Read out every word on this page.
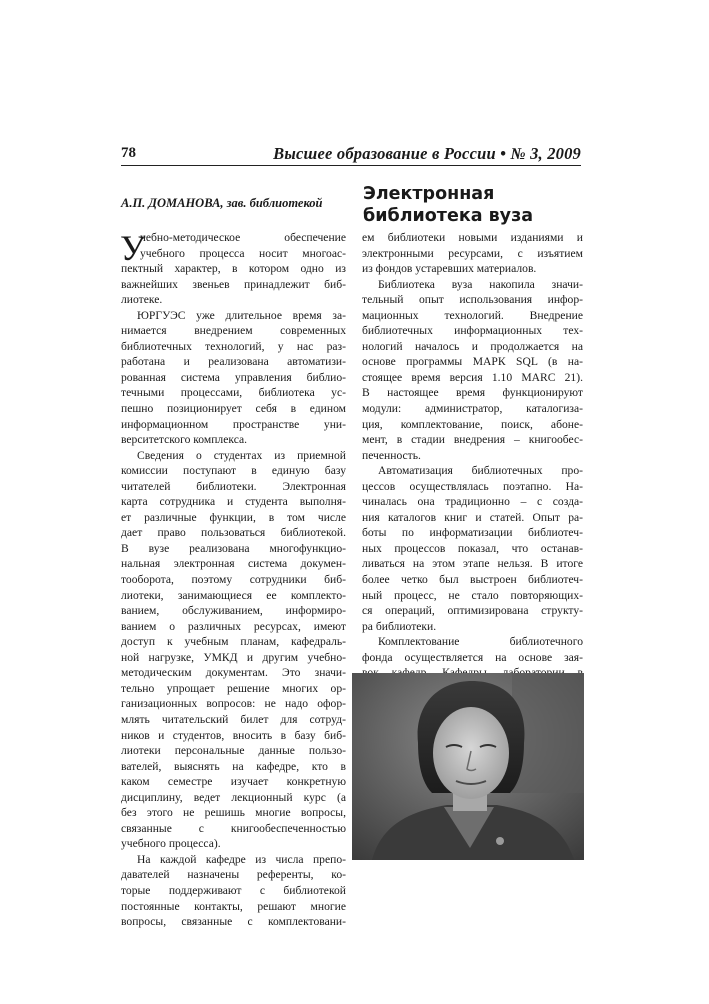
78	Высшее образование в России • № 3, 2009
А.П. ДОМАНОВА, зав. библиотекой Электронная
библиотека вуза
У
чебно-методическое обеспечение
учебного процесса носит многоас-
пектный характер, в котором одно из
важнейших звеньев принадлежит биб-
лиотеке.
ЮРГУЭС уже длительное время за-
нимается внедрением современных
библиотечных технологий, у нас раз-
работана и реализована автоматизи-
рованная система управления библио-
течными процессами, библиотека ус-
пешно позиционирует себя в едином
информационном пространстве уни-
верситетского комплекса.
Сведения о студентах из приемной
комиссии поступают в единую базу
читателей библиотеки. Электронная
карта сотрудника и студента выполня-
ет различные функции, в том числе
дает право пользоваться библиотекой.
В вузе реализована многофункцио-
нальная электронная система докумен-
тооборота, поэтому сотрудники биб-
лиотеки, занимающиеся ее комплекто-
ванием, обслуживанием, информиро-
ванием о различных ресурсах, имеют
доступ к учебным планам, кафедраль-
ной нагрузке, УМКД и другим учебно-
методическим документам. Это значи-
тельно упрощает решение многих ор-
ганизационных вопросов: не надо офор-
млять читательский билет для сотруд-
ников и студентов, вносить в базу биб-
лиотеки персональные данные пользо-
вателей, выяснять на кафедре, кто в
каком семестре изучает конкретную
дисциплину, ведет лекционный курс (а
без этого не решишь многие вопросы,
связанные с книгообеспеченностью
учебного процесса).
На каждой кафедре из числа препо-
давателей назначены референты, ко-
торые поддерживают с библиотекой
постоянные контакты, решают многие
вопросы, связанные с комплектовани-
ем библиотеки новыми изданиями и
электронными ресурсами, с изъятием
из фондов устаревших материалов.
Библиотека вуза накопила значи-
тельный опыт использования инфор-
мационных технологий. Внедрение
библиотечных информационных тех-
нологий началось и продолжается на
основе программы МАРК SQL (в на-
стоящее время версия 1.10 MARC 21).
В настоящее время функционируют
модули: администратор, каталогиза-
ция, комплектование, поиск, абоне-
мент, в стадии внедрения – книгообес-
печенность.
Автоматизация библиотечных про-
цессов осуществлялась поэтапно. На-
чиналась она традиционно – с созда-
ния каталогов книг и статей. Опыт ра-
боты по информатизации библиотеч-
ных процессов показал, что останав-
ливаться на этом этапе нельзя. В итоге
более четко был выстроен библиотеч-
ный процесс, не стало повторяющих-
ся операций, оптимизирована структу-
ра библиотеки.
Комплектование библиотечного
фонда осуществляется на основе зая-
